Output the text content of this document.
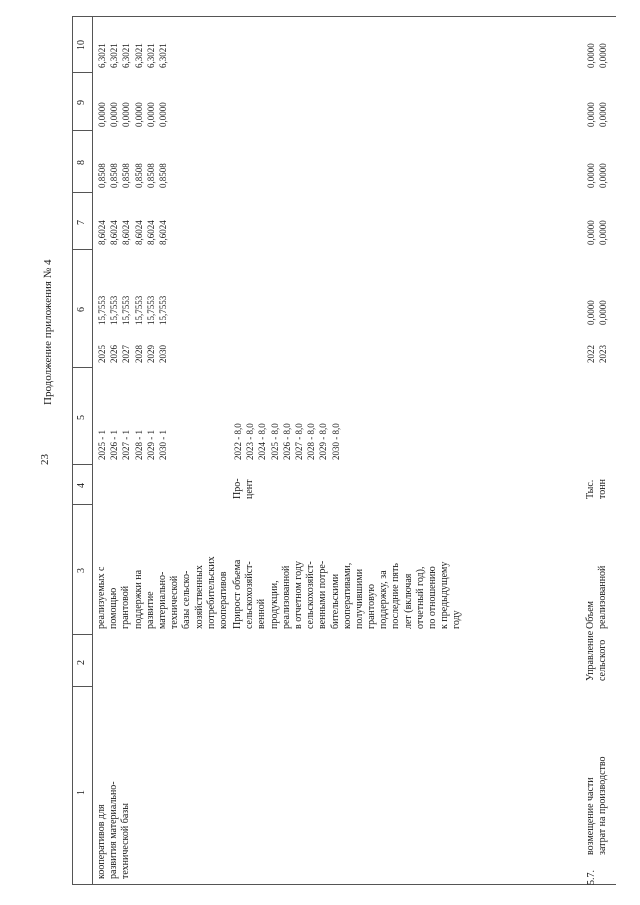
23
Продолжение приложения № 4
1
2
3
4
5
6
7
8
9
10
кооперативов для развития материально- технической базы
реализуемых с помощью грантовой поддержки на развитие материально- технической базы сельско- хозяйственных потребительских кооперативов
2025 - 1 2026 - 1 2027 - 1 2028 - 1 2029 - 1 2030 - 1
2025 2026 2027 2028 2029 2030
15,7553 15,7553 15,7553 15,7553 15,7553 15,7553
8,6024 8,6024 8,6024 8,6024 8,6024 8,6024
0,8508 0,8508 0,8508 0,8508 0,8508 0,8508
0,0000 0,0000 0,0000 0,0000 0,0000 0,0000
6,3021 6,3021 6,3021 6,3021 6,3021 6,3021
Прирост объема сельскохозяйст- венной продукции, реализованной в отчетном году сельскохозяйст- венными потре- бительскими кооперативами, получившими грантовую поддержку, за последние пять лет (включая отчетный год), по отношению к предыдущему году
Про- цент
2022 - 8,0 2023 - 8,0 2024 - 8,0 2025 - 8,0 2026 - 8,0 2027 - 8,0 2028 - 8,0 2029 - 8,0 2030 - 8,0
5.7.
возмещение части затрат на производство
Управление сельского
Объем реализованной
Тыс. тонн
2022 2023
0,0000 0,0000
0,0000 0,0000
0,0000 0,0000
0,0000 0,0000
0,0000 0,0000
